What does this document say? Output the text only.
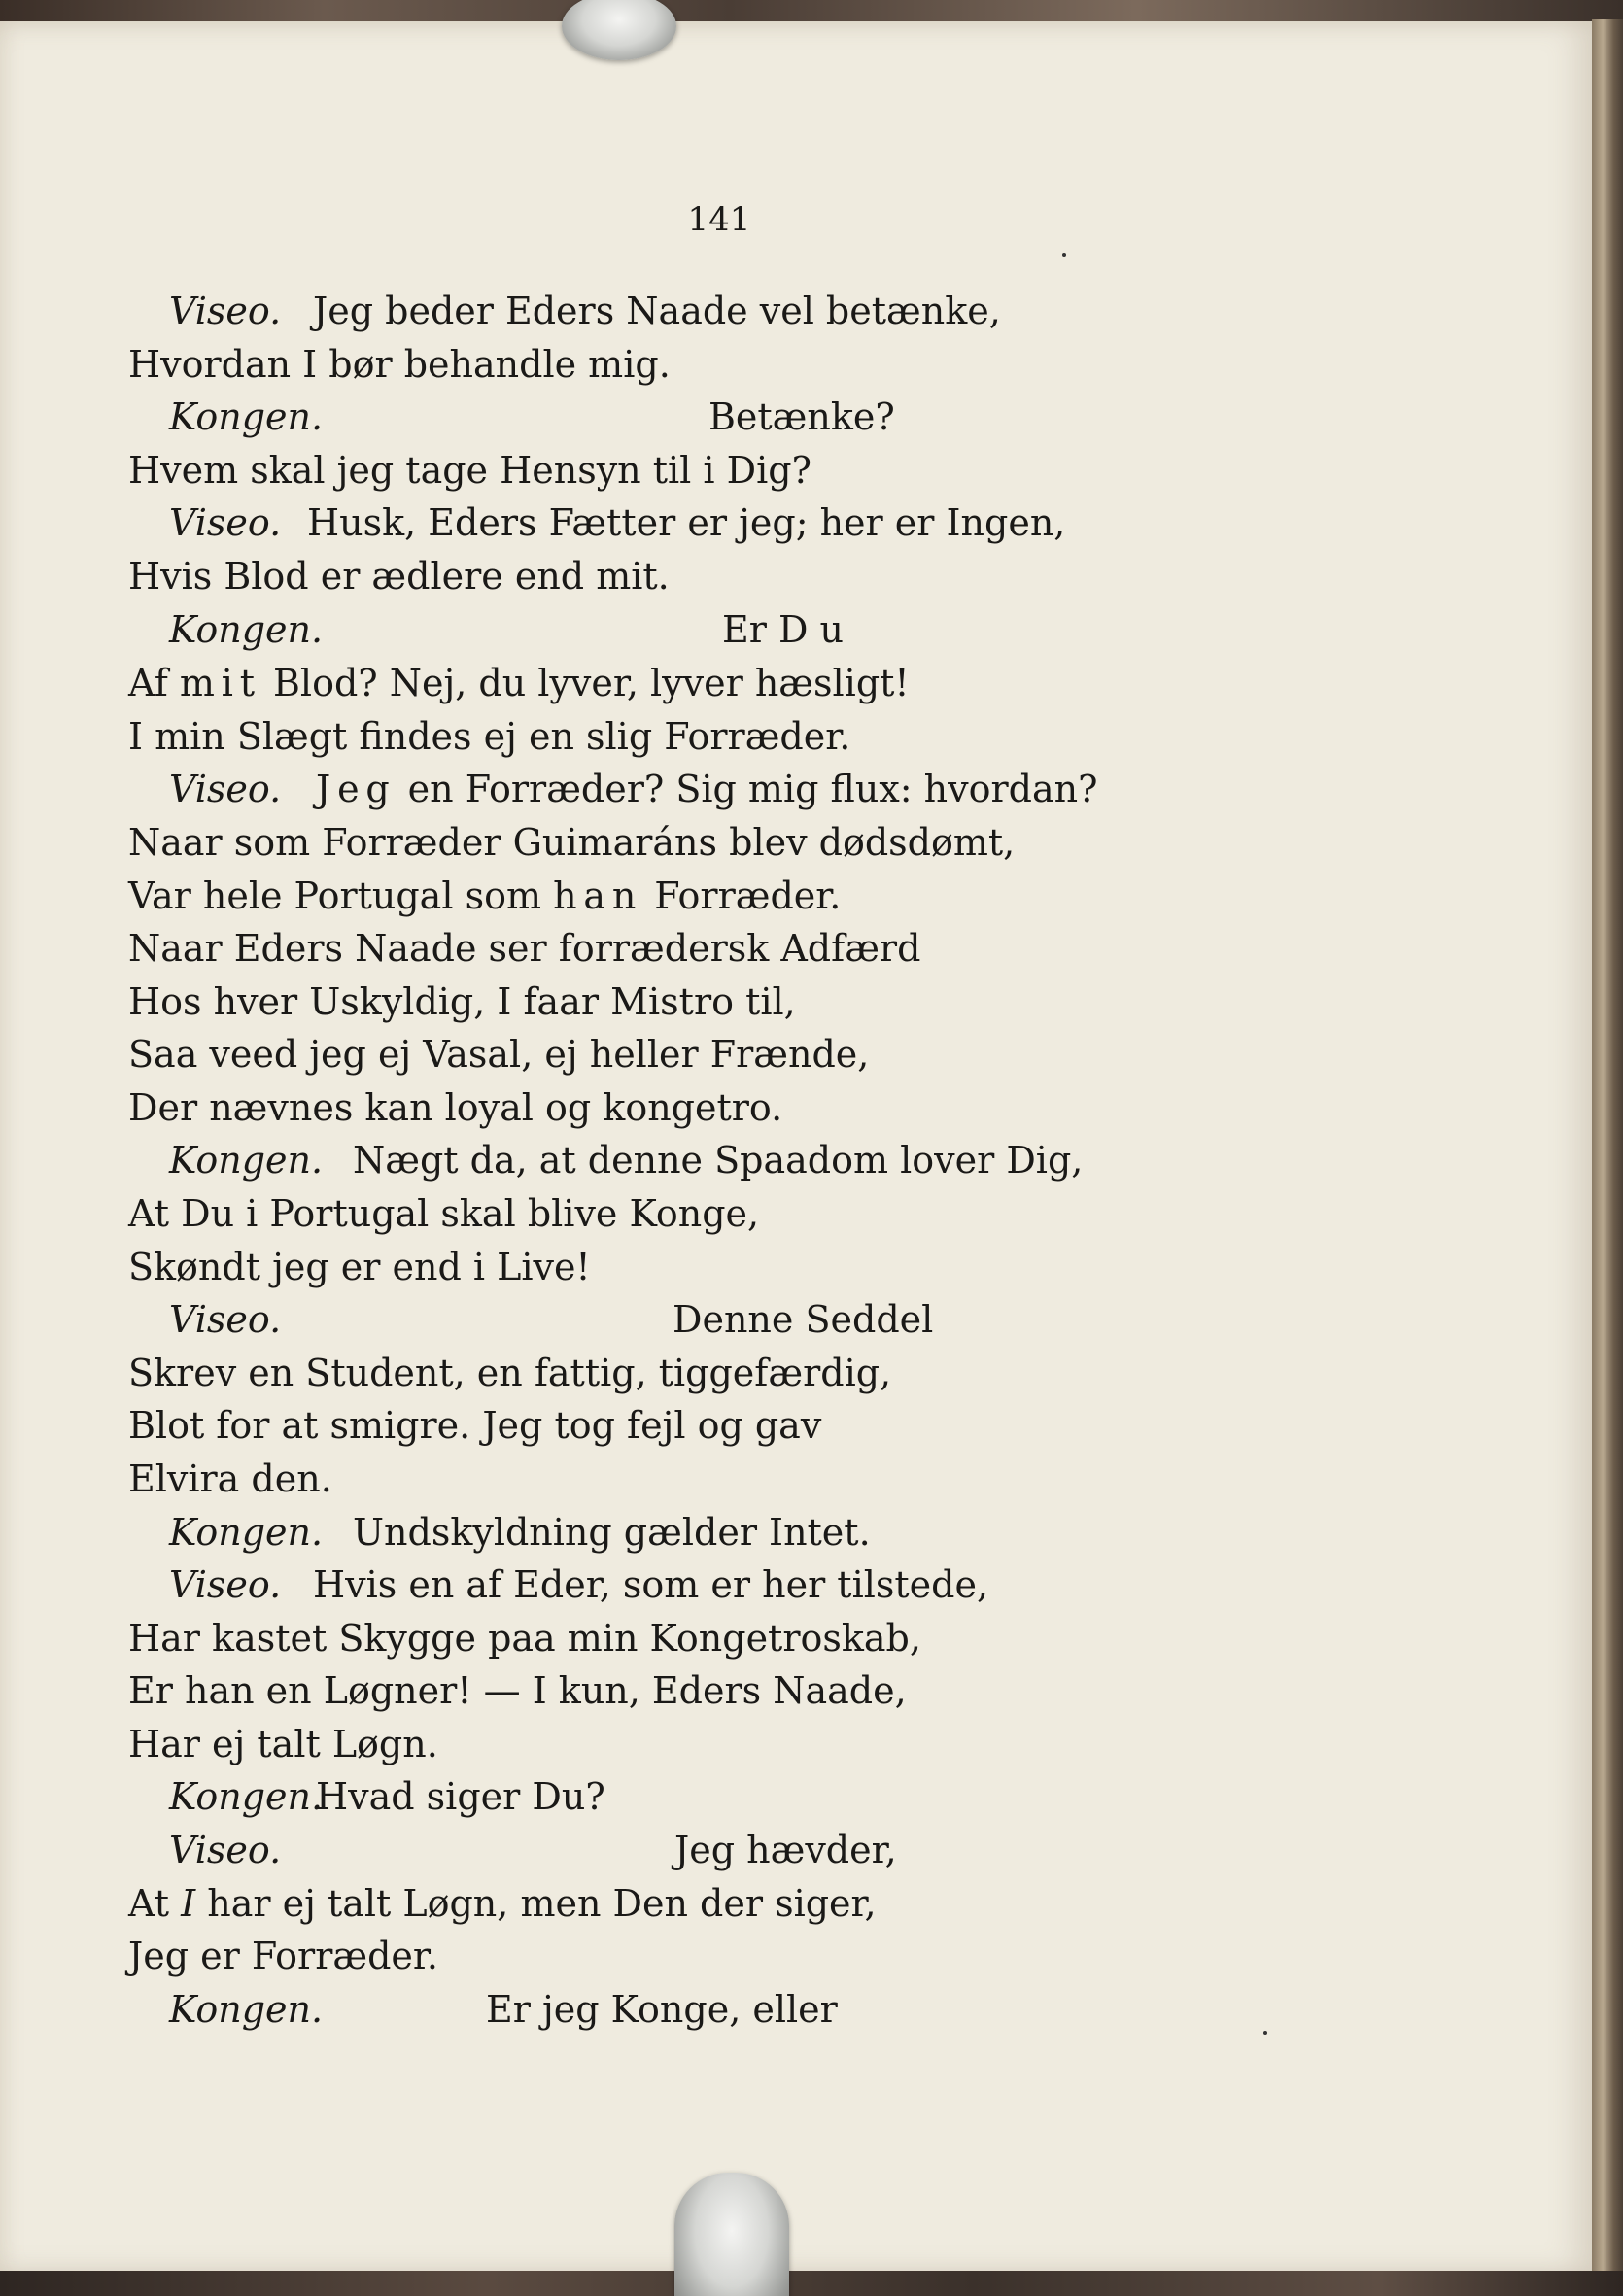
141
Viseo. Jeg beder Eders Naade vel betænke,
Hvordan I bør behandle mig.
Kongen.	Betænke?
Hvem skal jeg tage Hensyn til i Dig?
Viseo. Husk, Eders Fætter er jeg; her er Ingen,
Hvis Blod er ædlere end mit.
Kongen.	Er D u
Af mit Blod? Nej, du lyver, lyver hæsligt!
I min Slægt findes ej en slig Forræder.
Viseo. Jeg en Forræder? Sig mig flux: hvordan?
Naar som Forræder Guimaráns blev dødsdømt,
Var hele Portugal som han Forræder.
Naar Eders Naade ser forrædersk Adfærd
Hos hver Uskyldig, I faar Mistro til,
Saa veed jeg ej Vasal, ej heller Frænde,
Der nævnes kan loyal og kongetro.
Kongen. Nægt da, at denne Spaadom lover Dig,
At Du i Portugal skal blive Konge,
Skøndt jeg er end i Live!
Viseo.	Denne Seddel
Skrev en Student, en fattig, tiggefærdig,
Blot for at smigre. Jeg tog fejl og gav
Elvira den.
Kongen. Undskyldning gælder Intet.
Viseo. Hvis en af Eder, som er her tilstede,
Har kastet Skygge paa min Kongetroskab,
Er han en Løgner! — I kun, Eders Naade,
Har ej talt Løgn.
Kongen.
Hvad siger Du?
Viseo.	Jeg hævder,
At I har ej talt Løgn, men Den der siger,
Jeg er Forræder.
Kongen.	Er jeg Konge, eller
